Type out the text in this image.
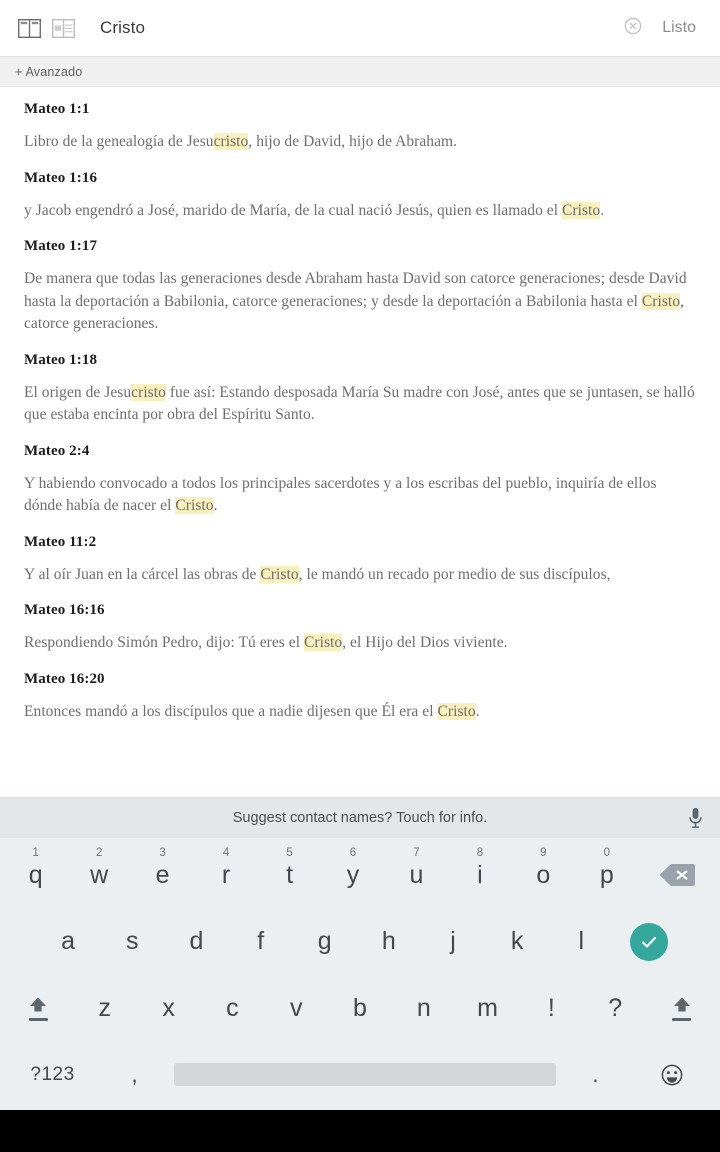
Cristo	Listo
+ Avanzado
Mateo 1:1
Libro de la genealogía de Jesucristo, hijo de David, hijo de Abraham.
Mateo 1:16
y Jacob engendró a José, marido de María, de la cual nació Jesús, quien es llamado el Cristo.
Mateo 1:17
De manera que todas las generaciones desde Abraham hasta David son catorce generaciones; desde David hasta la deportación a Babilonia, catorce generaciones; y desde la deportación a Babilonia hasta el Cristo, catorce generaciones.
Mateo 1:18
El origen de Jesucristo fue así: Estando desposada María Su madre con José, antes que se juntasen, se halló que estaba encinta por obra del Espíritu Santo.
Mateo 2:4
Y habiendo convocado a todos los principales sacerdotes y a los escribas del pueblo, inquiría de ellos dónde había de nacer el Cristo.
Mateo 11:2
Y al oír Juan en la cárcel las obras de Cristo, le mandó un recado por medio de sus discípulos,
Mateo 16:16
Respondiendo Simón Pedro, dijo: Tú eres el Cristo, el Hijo del Dios viviente.
Mateo 16:20
Entonces mandó a los discípulos que a nadie dijesen que Él era el Cristo.
Suggest contact names? Touch for info.
1
q
2
w
3
e
4
r
5
t
6
y
7
u
8
i
9
o
0
p
a s d f g h j k l
z x c v b n m ! ?
?123	,	.
